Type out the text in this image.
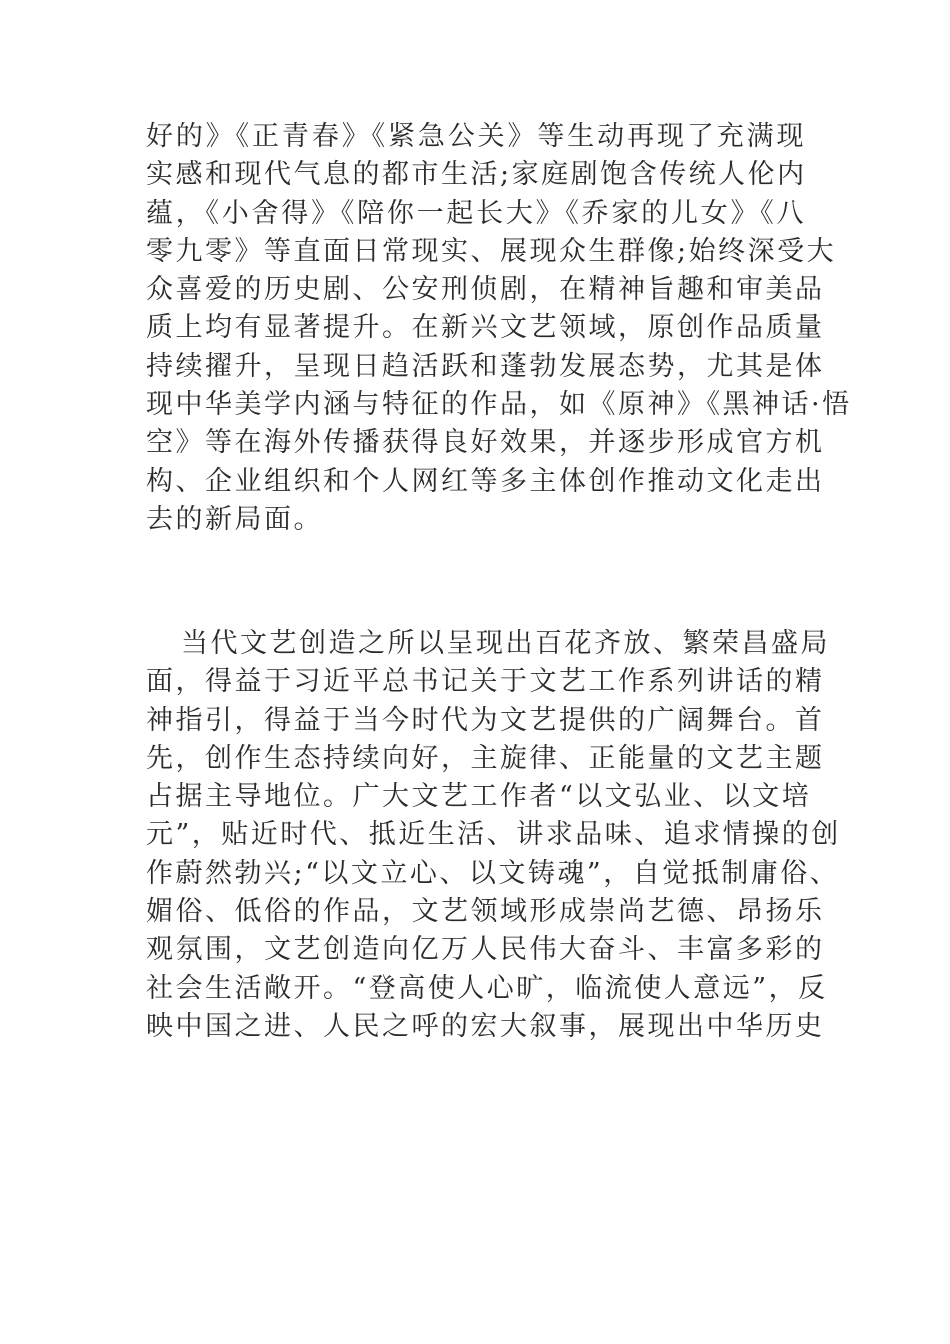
好的》《正青春》《紧急公关》等生动再现了充满现
实感和现代气息的都市生活;家庭剧饱含传统人伦内
蕴，《小舍得》《陪你一起长大》《乔家的儿女》《八
零九零》等直面日常现实、展现众生群像;始终深受大
众喜爱的历史剧、公安刑侦剧，在精神旨趣和审美品
质上均有显著提升。在新兴文艺领域，原创作品质量
持续擢升，呈现日趋活跃和蓬勃发展态势，尤其是体
现中华美学内涵与特征的作品，如《原神》《黑神话·悟
空》等在海外传播获得良好效果，并逐步形成官方机
构、企业组织和个人网红等多主体创作推动文化走出
去的新局面。
当代文艺创造之所以呈现出百花齐放、繁荣昌盛局
面，得益于习近平总书记关于文艺工作系列讲话的精
神指引，得益于当今时代为文艺提供的广阔舞台。首
先，创作生态持续向好，主旋律、正能量的文艺主题
占据主导地位。广大文艺工作者“以文弘业、以文培
元”，贴近时代、抵近生活、讲求品味、追求情操的创
作蔚然勃兴;“以文立心、以文铸魂”，自觉抵制庸俗、
媚俗、低俗的作品，文艺领域形成崇尚艺德、昂扬乐
观氛围，文艺创造向亿万人民伟大奋斗、丰富多彩的
社会生活敞开。“登高使人心旷，临流使人意远”，反
映中国之进、人民之呼的宏大叙事，展现出中华历史
